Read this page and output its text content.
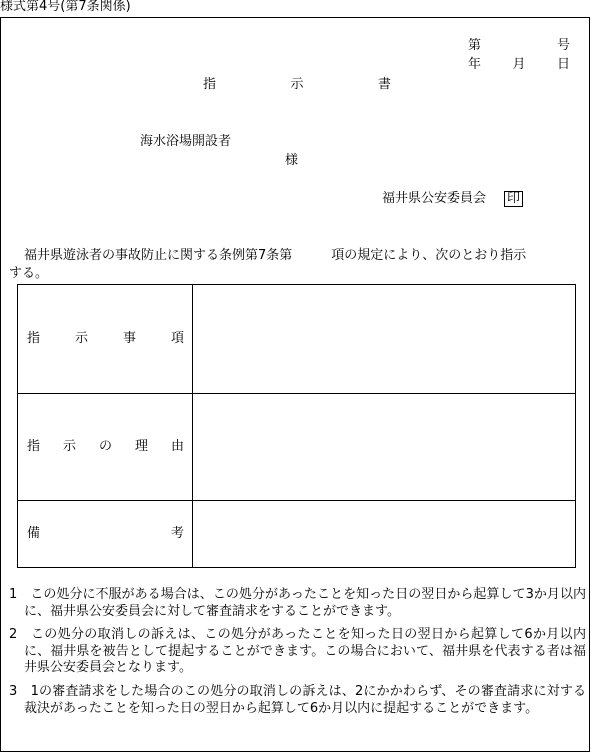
様式第4号(第7条関係)
第	号
年 月 日
指	示	書
海水浴場開設者
様
福井県公安委員会 印
福井県遊泳者の事故防止に関する条例第7条第　　　項の規定により、次のとおり指示
する。
指	示	事	項
指 示 の 理 由
備	考
1　この処分に不服がある場合は、この処分があったことを知った日の翌日から起算して3か月以内に、福井県公安委員会に対して審査請求をすることができます。
2　この処分の取消しの訴えは、この処分があったことを知った日の翌日から起算して6か月以内に、福井県を被告として提起することができます。この場合において、福井県を代表する者は福井県公安委員会となります。
3　1の審査請求をした場合のこの処分の取消しの訴えは、2にかかわらず、その審査請求に対する裁決があったことを知った日の翌日から起算して6か月以内に提起することができます。
